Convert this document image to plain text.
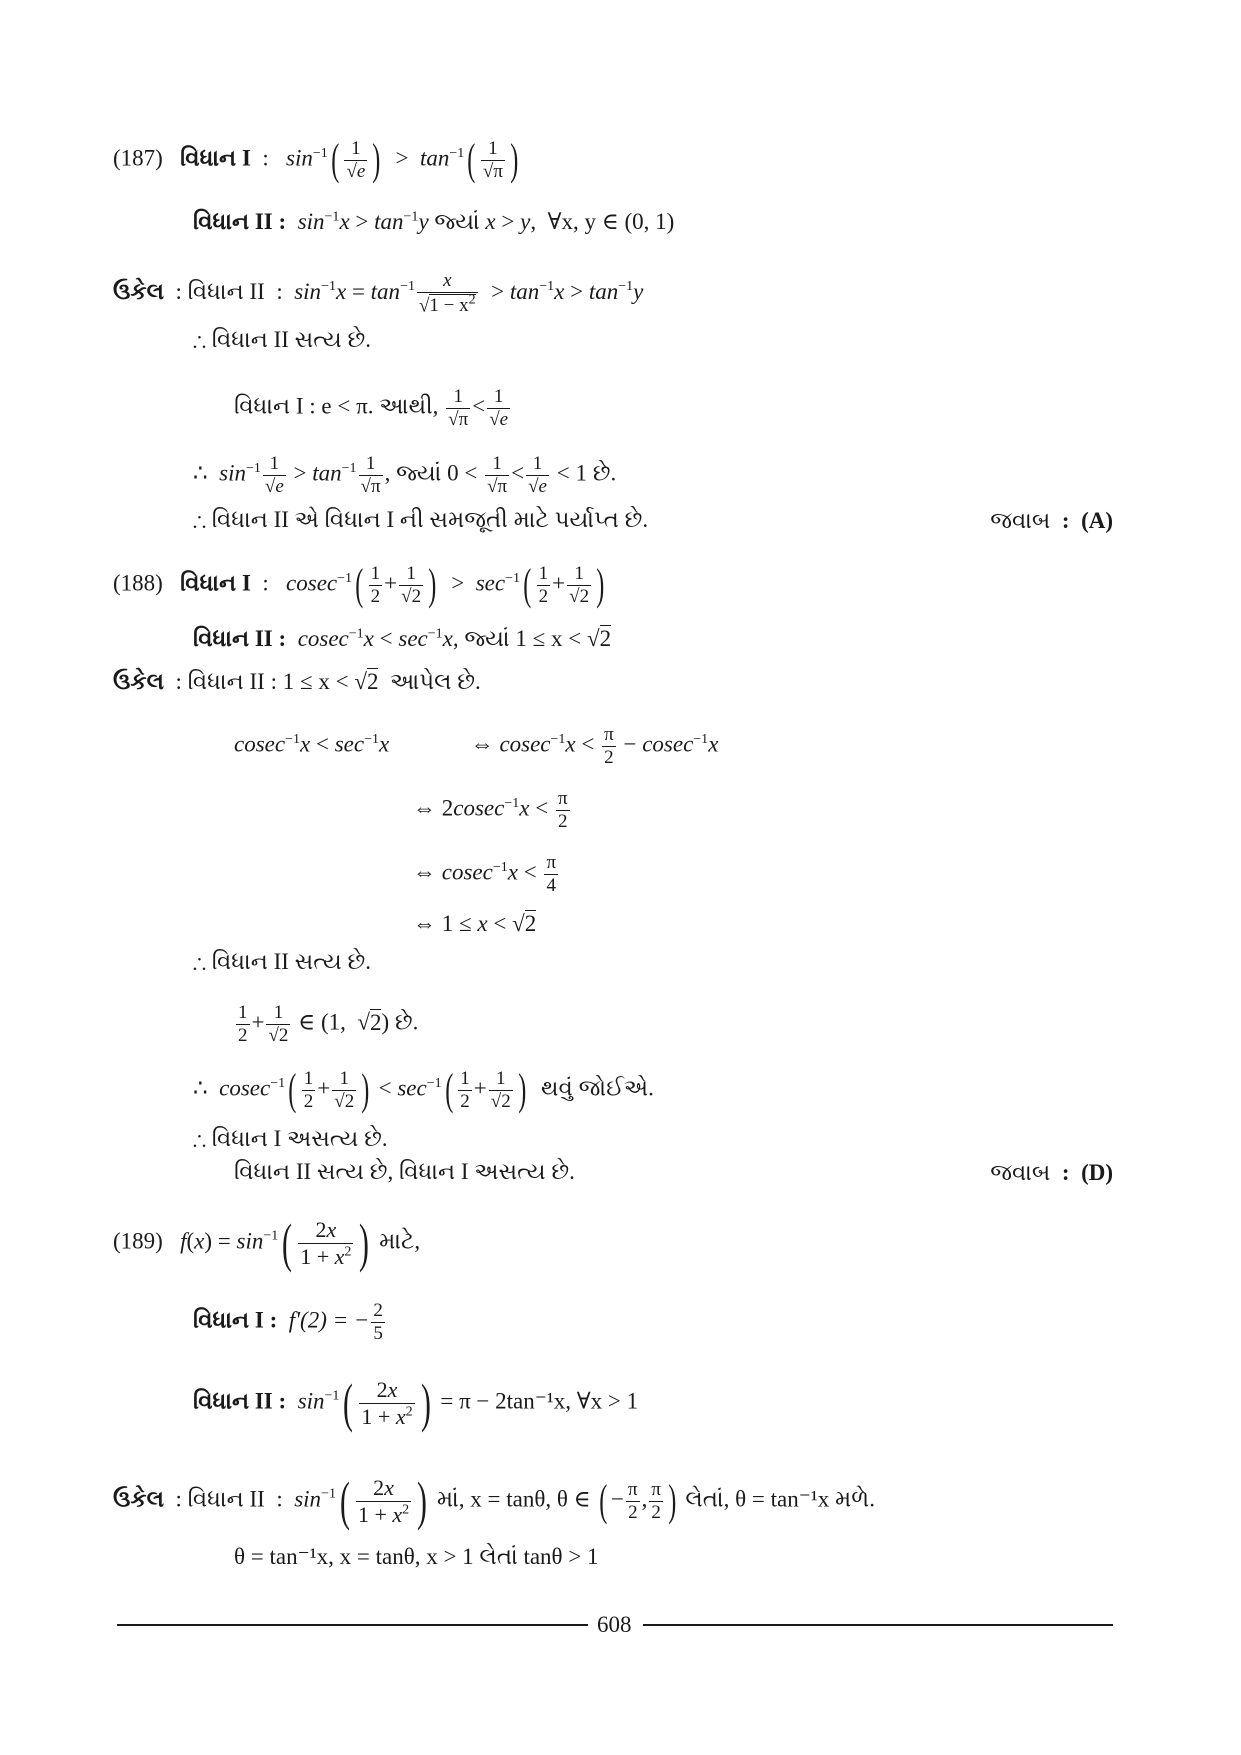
(187) વિધાન I  :   $\sin^{-1}( \frac{1}{√e}$ )  >  $\tan^{-1}( \frac{1}{√\pi}$ )
વિધાન II : $\sin^{-1}x > \tan^{-1}y$ જ્યાં x > y,  ∀x, y ∈ (0, 1)
ઉકેલ  : વિધાન II  :  $\sin^{-1}x = \tan^{-1} \frac{x}{√1 - x^2} > \tan^{-1}x > \tan^{-1}y$
∴ વિધાન II સત્ય છે.
વિધાન I : e < π. આથી, $\frac{1}{√\pi} < \frac{1}{√e}$
∴  $\sin^{-1} \frac{1}{√e} > \tan^{-1} \frac{1}{√\pi}$ , જ્યાં $0 < \frac{1}{√\pi} < \frac{1}{√e} < 1$ છે.
∴ વિધાન II એ વિધાન I ની સમજૂતી માટે પર્યાપ્ત છે.	જવાબ : (A)
(188) વિધાન I  :   $cosec^{-1}( \frac{1}{2} + \frac{1}{√2}$ )  >  $\sec^{-1}( \frac{1}{2} + \frac{1}{√2}$ )
વિધાન II : $cosec^{-1}x < \sec^{-1}x$, જ્યાં 1 ≤ x < √2
ઉકેલ  : વિધાન II : 1 ≤ x < √2 આપેલ છે.
$cosec^{-1}x < \sec^{-1}x$	⇔ $cosec^{-1}x < \frac{\pi}{2} - cosec^{-1}x$
⇔ $2cosec^{-1}x < \frac{\pi}{2}$
⇔ $cosec^{-1}x < \frac{\pi}{4}$
⇔ 1 ≤ x < √2
∴ વિધાન II સત્ય છે.
$\frac{1}{2} + \frac{1}{√2}$ ∈ (1,  √2) છે.
∴  $cosec^{-1}( \frac{1}{2} + \frac{1}{√2}$ ) < $\sec^{-1}( \frac{1}{2} + \frac{1}{√2}$ ) થવું જોઈએ.
∴ વિધાન I અસત્ય છે.
વિધાન II સત્ય છે, વિધાન I અસત્ય છે.	જવાબ : (D)
(189) $f(x) = \sin^{-1}( \frac{2x}{1 + x^2}$ ) માટે,
વિધાન I : f'(2) = − $\frac{2}{5}$
વિધાન II : $\sin^{-1}( \frac{2x}{1 + x^2}$ ) = π − 2tan⁻¹x, ∀x > 1
ઉકેલ  : વિધાન II  :  $\sin^{-1}( \frac{2x}{1 + x^2}$ ) માં, x = tanθ, θ ∈ ( − $\frac{\pi}{2}$ , $\frac{\pi}{2}$ ) લેતાં, θ = tan⁻¹x મળે.
θ = tan⁻¹x, x = tanθ, x > 1 લેતાં tanθ > 1
608
